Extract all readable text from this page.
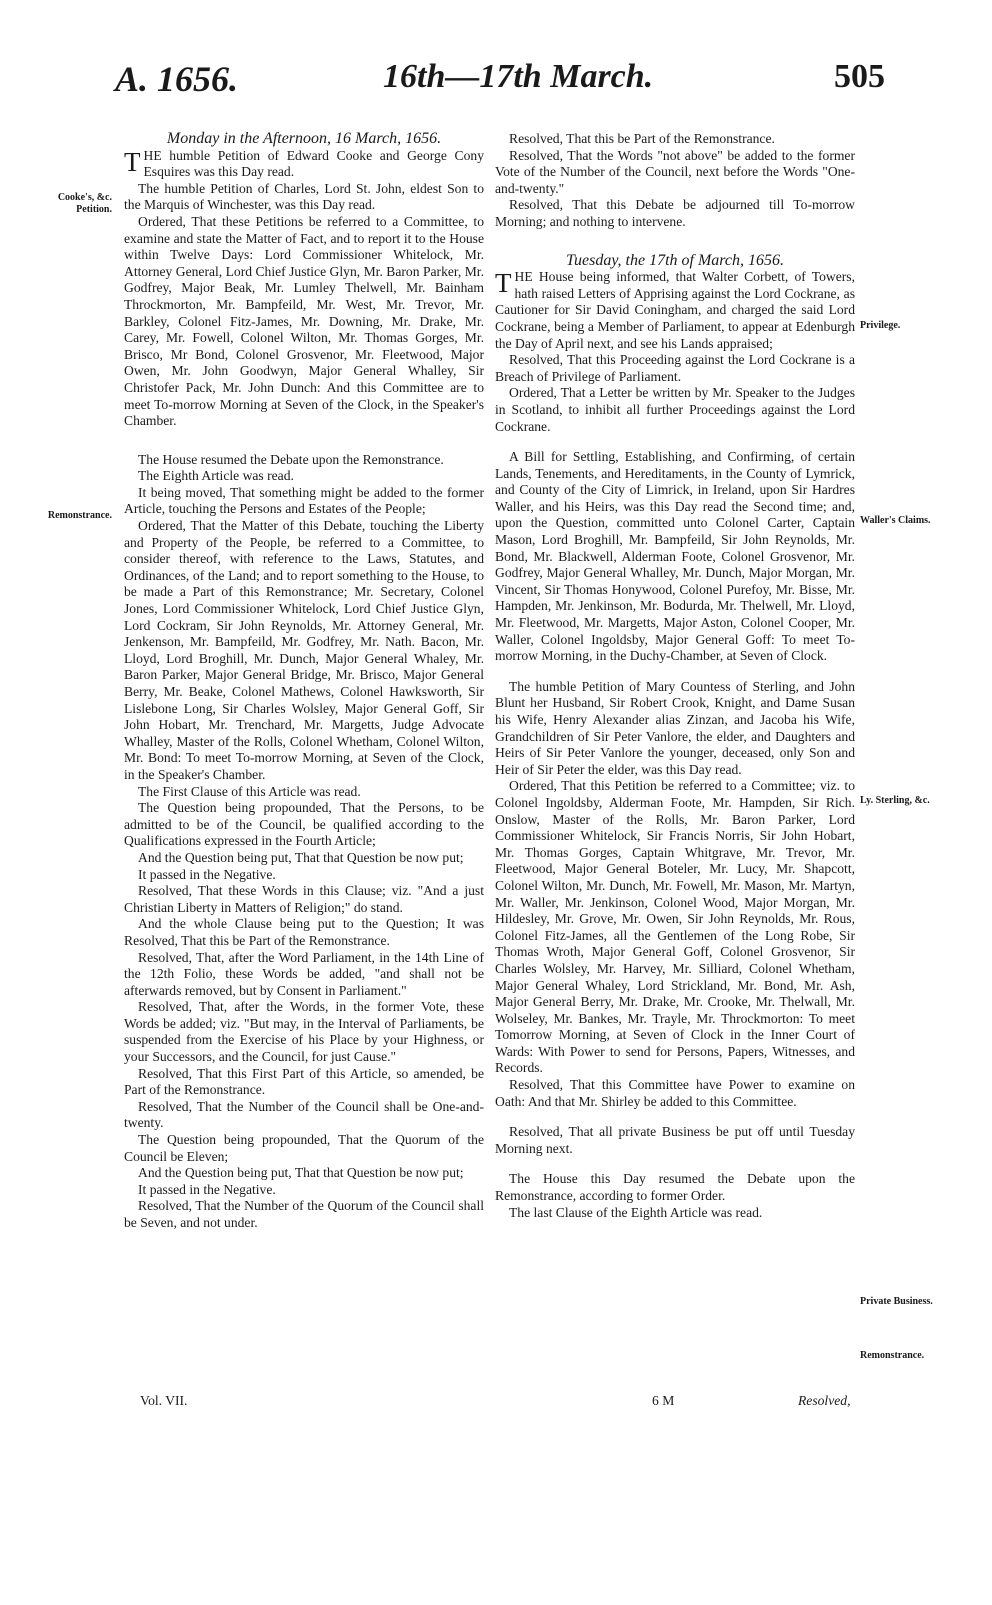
A. 1656.	16th—17th March.	505
Cooke's, &c. Petition.
Remonstrance.
Privilege.
Waller's Claims.
Ly. Sterling, &c.
Private Business.
Remonstrance.

Monday in the Afternoon, 16 March, 1656.

THE humble Petition of Edward Cooke and George Cony Esquires was this Day read.

The humble Petition of Charles, Lord St. John, eldest Son to the Marquis of Winchester, was this Day read.

Ordered, That these Petitions be referred to a Committee, to examine and state the Matter of Fact, and to report it to the House within Twelve Days: Lord Commissioner Whitelock, Mr. Attorney General, Lord Chief Justice Glyn, Mr. Baron Parker, Mr. Godfrey, Major Beak, Mr. Lumley Thelwell, Mr. Bainham Throckmorton, Mr. Bampfeild, Mr. West, Mr. Trevor, Mr. Barkley, Colonel Fitz-James, Mr. Downing, Mr. Drake, Mr. Carey, Mr. Fowell, Colonel Wilton, Mr. Thomas Gorges, Mr. Brisco, Mr Bond, Colonel Grosvenor, Mr. Fleetwood, Major Owen, Mr. John Goodwyn, Major General Whalley, Sir Christofer Pack, Mr. John Dunch: And this Committee are to meet To-morrow Morning at Seven of the Clock, in the Speaker's Chamber.

The House resumed the Debate upon the Remonstrance.

The Eighth Article was read.

It being moved, That something might be added to the former Article, touching the Persons and Estates of the People;

Ordered, That the Matter of this Debate, touching the Liberty and Property of the People, be referred to a Committee, to consider thereof, with reference to the Laws, Statutes, and Ordinances, of the Land; and to report something to the House, to be made a Part of this Remonstrance; Mr. Secretary, Colonel Jones, Lord Commissioner Whitelock, Lord Chief Justice Glyn, Lord Cockram, Sir John Reynolds, Mr. Attorney General, Mr. Jenkenson, Mr. Bampfeild, Mr. Godfrey, Mr. Nath. Bacon, Mr. Lloyd, Lord Broghill, Mr. Dunch, Major General Whaley, Mr. Baron Parker, Major General Bridge, Mr. Brisco, Major General Berry, Mr. Beake, Colonel Mathews, Colonel Hawksworth, Sir Lislebone Long, Sir Charles Wolsley, Major General Goff, Sir John Hobart, Mr. Trenchard, Mr. Margetts, Judge Advocate Whalley, Master of the Rolls, Colonel Whetham, Colonel Wilton, Mr. Bond: To meet To-morrow Morning, at Seven of the Clock, in the Speaker's Chamber.

The First Clause of this Article was read.

The Question being propounded, That the Persons, to be admitted to be of the Council, be qualified according to the Qualifications expressed in the Fourth Article;

And the Question being put, That that Question be now put;

It passed in the Negative.

Resolved, That these Words in this Clause; viz. "And a just Christian Liberty in Matters of Religion;" do stand.

And the whole Clause being put to the Question; It was Resolved, That this be Part of the Remonstrance.

Resolved, That, after the Word Parliament, in the 14th Line of the 12th Folio, these Words be added, "and shall not be afterwards removed, but by Consent in Parliament."

Resolved, That, after the Words, in the former Vote, these Words be added; viz. "But may, in the Interval of Parliaments, be suspended from the Exercise of his Place by your Highness, or your Successors, and the Council, for just Cause."

Resolved, That this First Part of this Article, so amended, be Part of the Remonstrance.

Resolved, That the Number of the Council shall be One-and-twenty.

The Question being propounded, That the Quorum of the Council be Eleven;

And the Question being put, That that Question be now put;

It passed in the Negative.

Resolved, That the Number of the Quorum of the Council shall be Seven, and not under.

Resolved, That this be Part of the Remonstrance.

Resolved, That the Words "not above" be added to the former Vote of the Number of the Council, next before the Words "One-and-twenty."

Resolved, That this Debate be adjourned till To-morrow Morning; and nothing to intervene.

Tuesday, the 17th of March, 1656.

THE House being informed, that Walter Corbett, of Towers, hath raised Letters of Apprising against the Lord Cockrane, as Cautioner for Sir David Coningham, and charged the said Lord Cockrane, being a Member of Parliament, to appear at Edenburgh the Day of April next, and see his Lands appraised;

Resolved, That this Proceeding against the Lord Cockrane is a Breach of Privilege of Parliament.

Ordered, That a Letter be written by Mr. Speaker to the Judges in Scotland, to inhibit all further Proceedings against the Lord Cockrane.

A Bill for Settling, Establishing, and Confirming, of certain Lands, Tenements, and Hereditaments, in the County of Lymrick, and County of the City of Limrick, in Ireland, upon Sir Hardres Waller, and his Heirs, was this Day read the Second time; and, upon the Question, committed unto Colonel Carter, Captain Mason, Lord Broghill, Mr. Bampfeild, Sir John Reynolds, Mr. Bond, Mr. Blackwell, Alderman Foote, Colonel Grosvenor, Mr. Godfrey, Major General Whalley, Mr. Dunch, Major Morgan, Mr. Vincent, Sir Thomas Honywood, Colonel Purefoy, Mr. Bisse, Mr. Hampden, Mr. Jenkinson, Mr. Bodurda, Mr. Thelwell, Mr. Lloyd, Mr. Fleetwood, Mr. Margetts, Major Aston, Colonel Cooper, Mr. Waller, Colonel Ingoldsby, Major General Goff: To meet To-morrow Morning, in the Duchy-Chamber, at Seven of Clock.

The humble Petition of Mary Countess of Sterling, and John Blunt her Husband, Sir Robert Crook, Knight, and Dame Susan his Wife, Henry Alexander alias Zinzan, and Jacoba his Wife, Grandchildren of Sir Peter Vanlore, the elder, and Daughters and Heirs of Sir Peter Vanlore the younger, deceased, only Son and Heir of Sir Peter the elder, was this Day read.

Ordered, That this Petition be referred to a Committee; viz. to Colonel Ingoldsby, Alderman Foote, Mr. Hampden, Sir Rich. Onslow, Master of the Rolls, Mr. Baron Parker, Lord Commissioner Whitelock, Sir Francis Norris, Sir John Hobart, Mr. Thomas Gorges, Captain Whitgrave, Mr. Trevor, Mr. Fleetwood, Major General Boteler, Mr. Lucy, Mr. Shapcott, Colonel Wilton, Mr. Dunch, Mr. Fowell, Mr. Mason, Mr. Martyn, Mr. Waller, Mr. Jenkinson, Colonel Wood, Major Morgan, Mr. Hildesley, Mr. Grove, Mr. Owen, Sir John Reynolds, Mr. Rous, Colonel Fitz-James, all the Gentlemen of the Long Robe, Sir Thomas Wroth, Major General Goff, Colonel Grosvenor, Sir Charles Wolsley, Mr. Harvey, Mr. Silliard, Colonel Whetham, Major General Whaley, Lord Strickland, Mr. Bond, Mr. Ash, Major General Berry, Mr. Drake, Mr. Crooke, Mr. Thelwall, Mr. Wolseley, Mr. Bankes, Mr. Trayle, Mr. Throckmorton: To meet Tomorrow Morning, at Seven of Clock in the Inner Court of Wards: With Power to send for Persons, Papers, Witnesses, and Records.

Resolved, That this Committee have Power to examine on Oath: And that Mr. Shirley be added to this Committee.

Resolved, That all private Business be put off until Tuesday Morning next.

The House this Day resumed the Debate upon the Remonstrance, according to former Order.

The last Clause of the Eighth Article was read.

Vol. VII.	6 M	Resolved,
